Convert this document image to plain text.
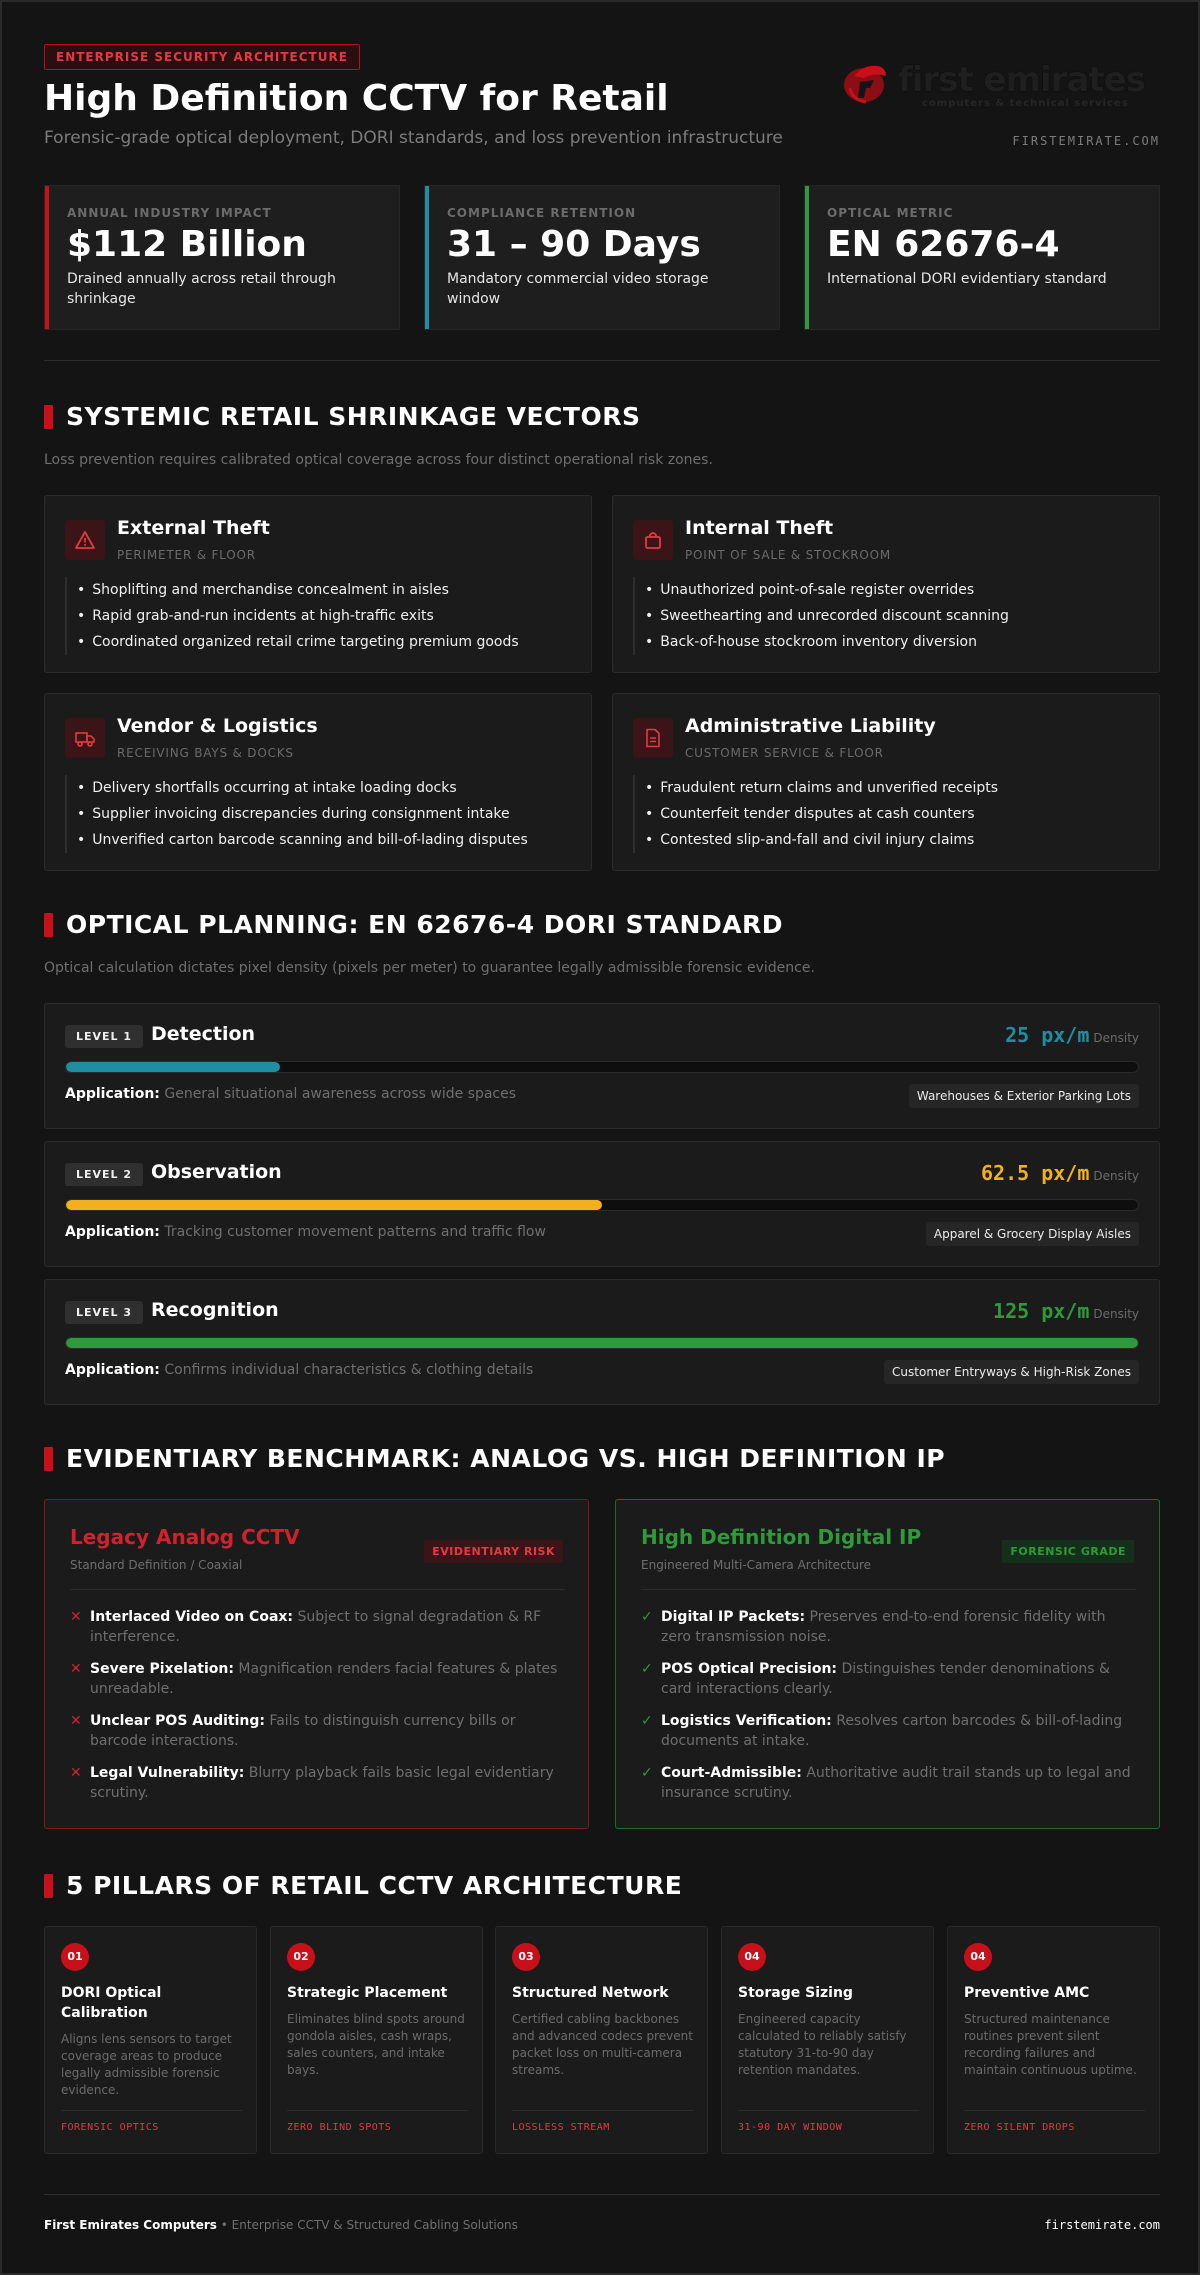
ENTERPRISE SECURITY ARCHITECTURE
High Definition CCTV for Retail
Forensic-grade optical deployment, DORI standards, and loss prevention infrastructure
first emirates
computers & technical services
FIRSTEMIRATE.COM
ANNUAL INDUSTRY IMPACT
$112 Billion
Drained annually across retail through shrinkage
COMPLIANCE RETENTION
31 – 90 Days
Mandatory commercial video storage window
OPTICAL METRIC
EN 62676-4
International DORI evidentiary standard
SYSTEMIC RETAIL SHRINKAGE VECTORS
Loss prevention requires calibrated optical coverage across four distinct operational risk zones.
External Theft
PERIMETER & FLOOR
• Shoplifting and merchandise concealment in aisles
• Rapid grab-and-run incidents at high-traffic exits
• Coordinated organized retail crime targeting premium goods
Internal Theft
POINT OF SALE & STOCKROOM
• Unauthorized point-of-sale register overrides
• Sweethearting and unrecorded discount scanning
• Back-of-house stockroom inventory diversion
Vendor & Logistics
RECEIVING BAYS & DOCKS
• Delivery shortfalls occurring at intake loading docks
• Supplier invoicing discrepancies during consignment intake
• Unverified carton barcode scanning and bill-of-lading disputes
Administrative Liability
CUSTOMER SERVICE & FLOOR
• Fraudulent return claims and unverified receipts
• Counterfeit tender disputes at cash counters
• Contested slip-and-fall and civil injury claims
OPTICAL PLANNING: EN 62676-4 DORI STANDARD
Optical calculation dictates pixel density (pixels per meter) to guarantee legally admissible forensic evidence.
LEVEL 1 Detection	25 px/m Density
Application: General situational awareness across wide spaces	Warehouses & Exterior Parking Lots
LEVEL 2 Observation	62.5 px/m Density
Application: Tracking customer movement patterns and traffic flow	Apparel & Grocery Display Aisles
LEVEL 3 Recognition	125 px/m Density
Application: Confirms individual characteristics & clothing details	Customer Entryways & High-Risk Zones
EVIDENTIARY BENCHMARK: ANALOG VS. HIGH DEFINITION IP
Legacy Analog CCTV
Standard Definition / Coaxial
EVIDENTIARY RISK
✕ Interlaced Video on Coax: Subject to signal degradation & RF interference.
✕ Severe Pixelation: Magnification renders facial features & plates unreadable.
✕ Unclear POS Auditing: Fails to distinguish currency bills or barcode interactions.
✕ Legal Vulnerability: Blurry playback fails basic legal evidentiary scrutiny.
High Definition Digital IP
Engineered Multi-Camera Architecture
FORENSIC GRADE
✓ Digital IP Packets: Preserves end-to-end forensic fidelity with zero transmission noise.
✓ POS Optical Precision: Distinguishes tender denominations & card interactions clearly.
✓ Logistics Verification: Resolves carton barcodes & bill-of-lading documents at intake.
✓ Court-Admissible: Authoritative audit trail stands up to legal and insurance scrutiny.
5 PILLARS OF RETAIL CCTV ARCHITECTURE
01
DORI Optical Calibration
Aligns lens sensors to target coverage areas to produce legally admissible forensic evidence.
FORENSIC OPTICS
02
Strategic Placement
Eliminates blind spots around gondola aisles, cash wraps, sales counters, and intake bays.
ZERO BLIND SPOTS
03
Structured Network
Certified cabling backbones and advanced codecs prevent packet loss on multi-camera streams.
LOSSLESS STREAM
04
Storage Sizing
Engineered capacity calculated to reliably satisfy statutory 31-to-90 day retention mandates.
31-90 DAY WINDOW
04
Preventive AMC
Structured maintenance routines prevent silent recording failures and maintain continuous uptime.
ZERO SILENT DROPS
First Emirates Computers • Enterprise CCTV & Structured Cabling Solutions	firstemirate.com
